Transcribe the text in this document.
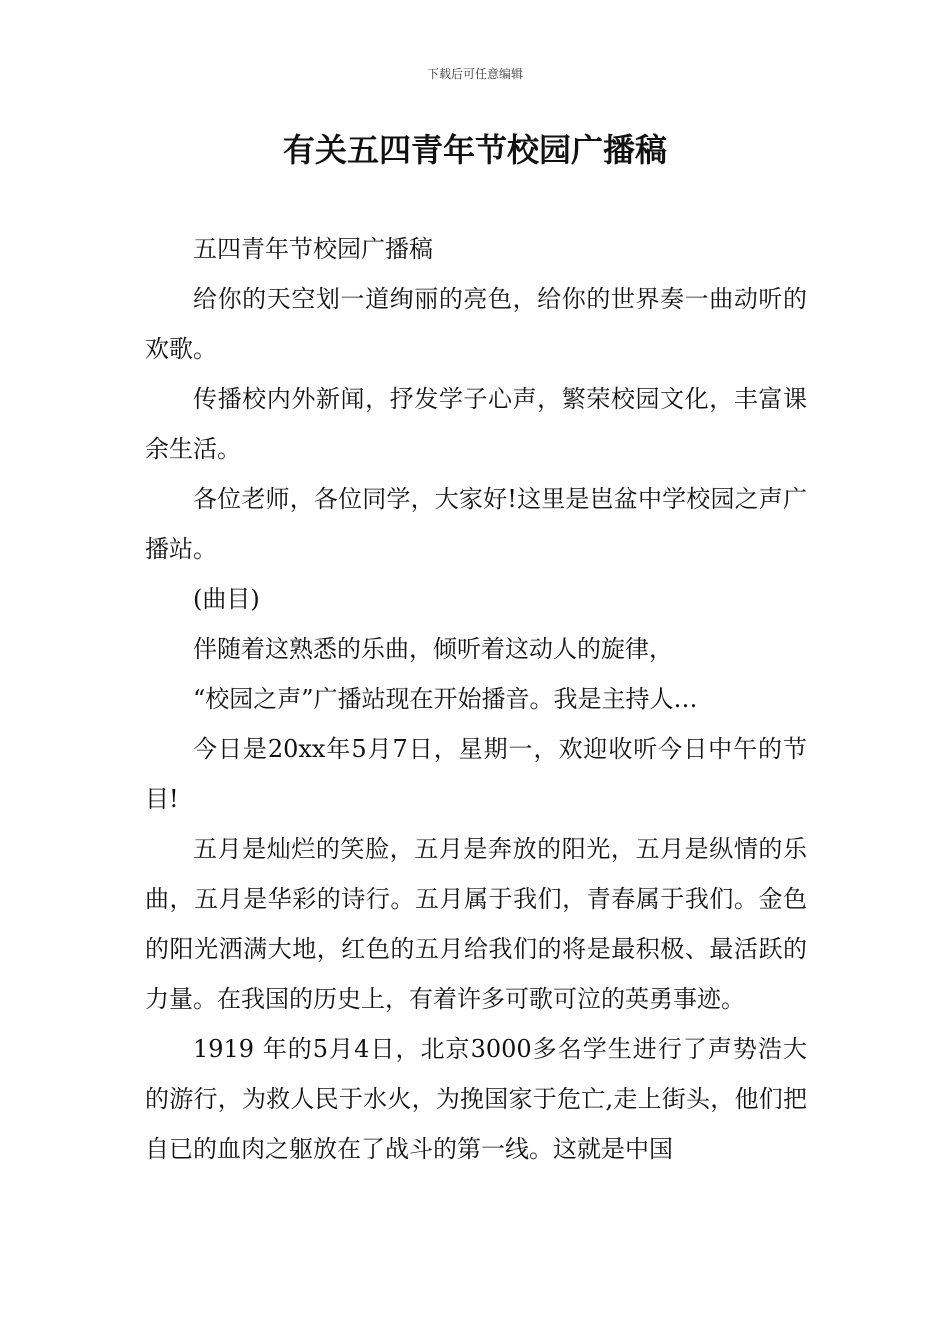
下载后可任意编辑
有关五四青年节校园广播稿

五四青年节校园广播稿

给你的天空划一道绚丽的亮色，给你的世界奏一曲动听的欢歌。

传播校内外新闻，抒发学子心声，繁荣校园文化，丰富课余生活。

各位老师，各位同学，大家好!这里是岜盆中学校园之声广播站。

(曲目)

伴随着这熟悉的乐曲，倾听着这动人的旋律，

“校园之声”广播站现在开始播音。我是主持人…

今日是20xx年5月7日，星期一，欢迎收听今日中午的节目!

五月是灿烂的笑脸，五月是奔放的阳光，五月是纵情的乐曲，五月是华彩的诗行。五月属于我们，青春属于我们。金色的阳光洒满大地，红色的五月给我们的将是最积极、最活跃的力量。在我国的历史上，有着许多可歌可泣的英勇事迹。

1919 年的5月4日，北京3000多名学生进行了声势浩大的游行，为救人民于水火，为挽国家于危亡,走上街头，他们把自已的血肉之躯放在了战斗的第一线。这就是中国
